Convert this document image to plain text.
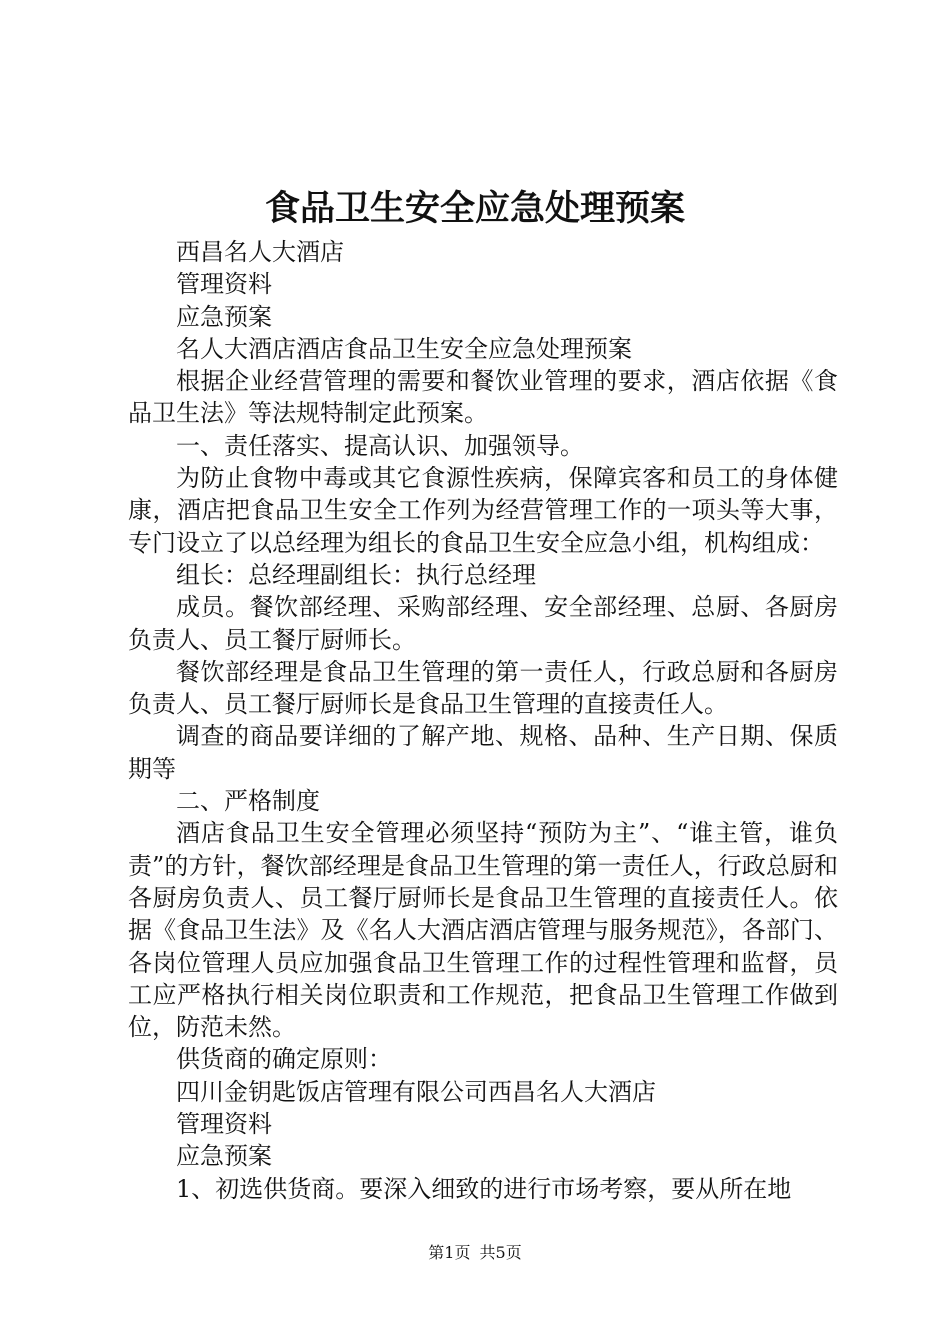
食品卫生安全应急处理预案

西昌名人大酒店

管理资料

应急预案

名人大酒店酒店食品卫生安全应急处理预案

根据企业经营管理的需要和餐饮业管理的要求，酒店依据《食品卫生法》等法规特制定此预案。

一、责任落实、提高认识、加强领导。

为防止食物中毒或其它食源性疾病，保障宾客和员工的身体健康，酒店把食品卫生安全工作列为经营管理工作的一项头等大事，专门设立了以总经理为组长的食品卫生安全应急小组，机构组成：

组长：总经理副组长：执行总经理

成员。餐饮部经理、采购部经理、安全部经理、总厨、各厨房负责人、员工餐厅厨师长。

餐饮部经理是食品卫生管理的第一责任人，行政总厨和各厨房负责人、员工餐厅厨师长是食品卫生管理的直接责任人。

调查的商品要详细的了解产地、规格、品种、生产日期、保质期等

二、严格制度

酒店食品卫生安全管理必须坚持“预防为主”、“谁主管，谁负责”的方针，餐饮部经理是食品卫生管理的第一责任人，行政总厨和各厨房负责人、员工餐厅厨师长是食品卫生管理的直接责任人。依据《食品卫生法》及《名人大酒店酒店管理与服务规范》，各部门、各岗位管理人员应加强食品卫生管理工作的过程性管理和监督，员工应严格执行相关岗位职责和工作规范，把食品卫生管理工作做到位，防范未然。

供货商的确定原则：

四川金钥匙饭店管理有限公司西昌名人大酒店

管理资料

应急预案

1、初选供货商。要深入细致的进行市场考察，要从所在地

第1页 共5页
